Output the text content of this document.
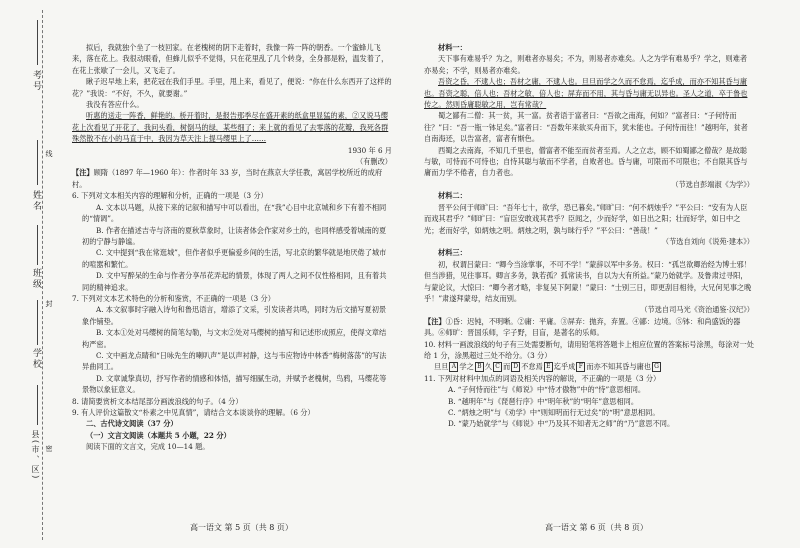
考号
姓名
班级
学校
县(市、区)
线
封
密

拟后，我就独个坐了一枝回家。在老槐树的阴下走着时，我像一阵一阵的朝香。一个蜜蜂儿飞来，落在花上。我很动眼看，但蜂儿似乎不觉得，只在花里乱了几个转身，全身都是粉，温发着了，在花上张歇了一会儿，又飞走了。

瞅子迟早地上来，把花冠在我们手里。手里，甩上来，看见了，便说：“你在什么东西开了这样的花？”我说：“不好，不久，就要谢。”

我没有答应什么。

听惠的送走一阵香，鲜艳的。桥开着时，是报告那季尽在盛开素的纸盒里显猛的素，②又说马缨花上次看见了开花了，我问头看，树倒马的绿，某些细了；来上就的看见了去零落的花瓣，我死各群殊然散不在小的马直于中，我因为草天注上提马缨里上了……

1930 年 6 月

（有删改）

【注】顾隋（1897 年—1960 年）：作者时年 33 岁，当时在燕京大学任教，寓居学校所近的成府村。

6. 下列对文本相关内容的理解和分析，正确的一项是（3 分）

A. 文本以马题，从接下来的记叙和描写中可以看出，在“我”心目中北京城和乡下有着不相同的“情调”。

B. 作者在描述吉寺与济南的夏秋草象时，让读者体会作家对乡土的，也同样感受着城南的夏初的宁静与静谧。

C. 文中提到“我在常逛城”，但作者似乎更偏爱乡间的生活，写北京的繁华就是地厌倦了城市的喧嚣和繁忙。

D. 文中写醉呆的生命与作者分享吊花弄起的情景，体现了两人之间不仅性格相同，且有着共同的精神追求。

7. 下列对文本艺术特色的分析和鉴赏，不正确的一项是（3 分）

A. 本文叙事时字融入诗句和鲁迅语言，增添了文采，引发读者共鸣，同时为后文描写夏初景象作铺垫。

B. 文本①处对马缨树的简笔勾勒，与文末②处对马缨树的描写和记述形成照应，使得文章结构严密。

C. 文中画龙点睛和“日咏先生的喇叭声”是以声衬静，这与韦应物诗中林香“梅树落荡”的写法异曲同工。

D. 文章诚挚真切，抒写作者的情感和体悟，描写细腻生动，并赋予老槐树，鸟鸦，马缨花等景物以象征意义。

8. 请简要赏析文本结尾部分画波浪线的句子。（4 分）

9. 有人评价这篇散文“朴素之中见真情”，请结合文本谈谈你的理解。（6 分）

二、古代诗文阅读（37 分）

（一）文言文阅读（本题共 5 小题，22 分）

阅读下面的文言文，完成 10—14 题。

高一语文 第 5 页（共 8 页）

材料一：

天下事有难易乎？为之，则难者亦易矣；不为，则易者亦难矣。人之为学有难易乎？学之，则难者亦易矣；不学，则易者亦难矣。

吾资之昏，不逮人也；吾材之庸，不逮人也。旦旦而学之久而不怠焉，迄乎成，而亦不知其昏与庸也。吾资之聪，倍人也；吾材之敏，倍人也；屏弃而不用，其与昏与庸无以异也。圣人之道，卒于鲁也传之。然则昏庸聪敏之用，岂有常哉？

蜀之鄙有二僧：其一贫，其一富。贫者语于富者曰：“吾欲之南海，何如？”富者曰：“子何恃而往？”曰：“吾一瓶一钵足矣。”富者曰：“吾数年来欲买舟而下，犹未能也。子何恃而往！”越明年，贫者自南海还，以告富者，富者有惭色。

西蜀之去南海，不知几千里也，僧富者不能至而贫者至焉。人之立志，顾不如蜀鄙之僧哉？是故聪与敏，可恃而不可恃也；自恃其聪与敏而不学者，自败者也。昏与庸，可限而不可限也；不自限其昏与庸而力学不倦者，自力者也。

（节选自彭端淑《为学》）

材料二：

晋平公问于师旷曰：“吾年七十，欲学，恐已暮矣。”师旷曰：“何不炳烛乎？”平公曰：“安有为人臣而戏其君乎？”师旷曰：“盲臣安敢戏其君乎？臣闻之，少而好学，如日出之阳；壮而好学，如日中之光；老而好学，如炳烛之明。炳烛之明，孰与昧行乎？”平公曰：“善哉！”

（节选自刘向《说苑·建本》）

材料三：

初，权谓吕蒙曰：“卿今当涂掌事，不可不学！”蒙辞以军中多务。权曰：“孤岂欲卿治经为博士邪！但当涉猎，见往事耳。卿言多务，孰若孤？孤常读书，自以为大有所益。”蒙乃始就学。及鲁肃过寻阳，与蒙论议，大惊曰：“卿今者才略，非复吴下阿蒙！”蒙曰：“士别三日，即更刮目相待，大兄何见事之晚乎！”肃遂拜蒙母，结友而别。

（节选自司马光《资治通鉴·汉纪》）

【注】①昏：迟钝，不明晰。②庸：平庸。③屏弃：抛弃，弃置。④鄙：边境。⑤钵：和尚盛饭的器具。⑥师旷：晋国乐师，字子野，目盲，是著名的乐师。

10. 材料一画波浪线的句子有三处需要断句，请用铅笔将答题卡上相应位置的答案标号涂黑，每涂对一处给 1 分，涂黑超过三处不给分。（3 分）

旦旦 A 学之 B 久 C 而 D 不怠焉 E 迄乎成 F 而亦不知其昏与庸也 G

11. 下列对材料中加点的词语及相关内容的解说，不正确的一项是（3 分）

A. “子何恃而往”与《师说》中“恃才傲物”中的“恃”意思相同。

B. “越明年”与《琵琶行序》中“明年秋”的“明年”意思相同。

C. “炳烛之明”与《劝学》中“则知明而行无过矣”的“明”意思相同。

D. “蒙乃始就学”与《师说》中“乃及其不知者无之师”的“乃”意思不同。

高一语文 第 6 页（共 8 页）
